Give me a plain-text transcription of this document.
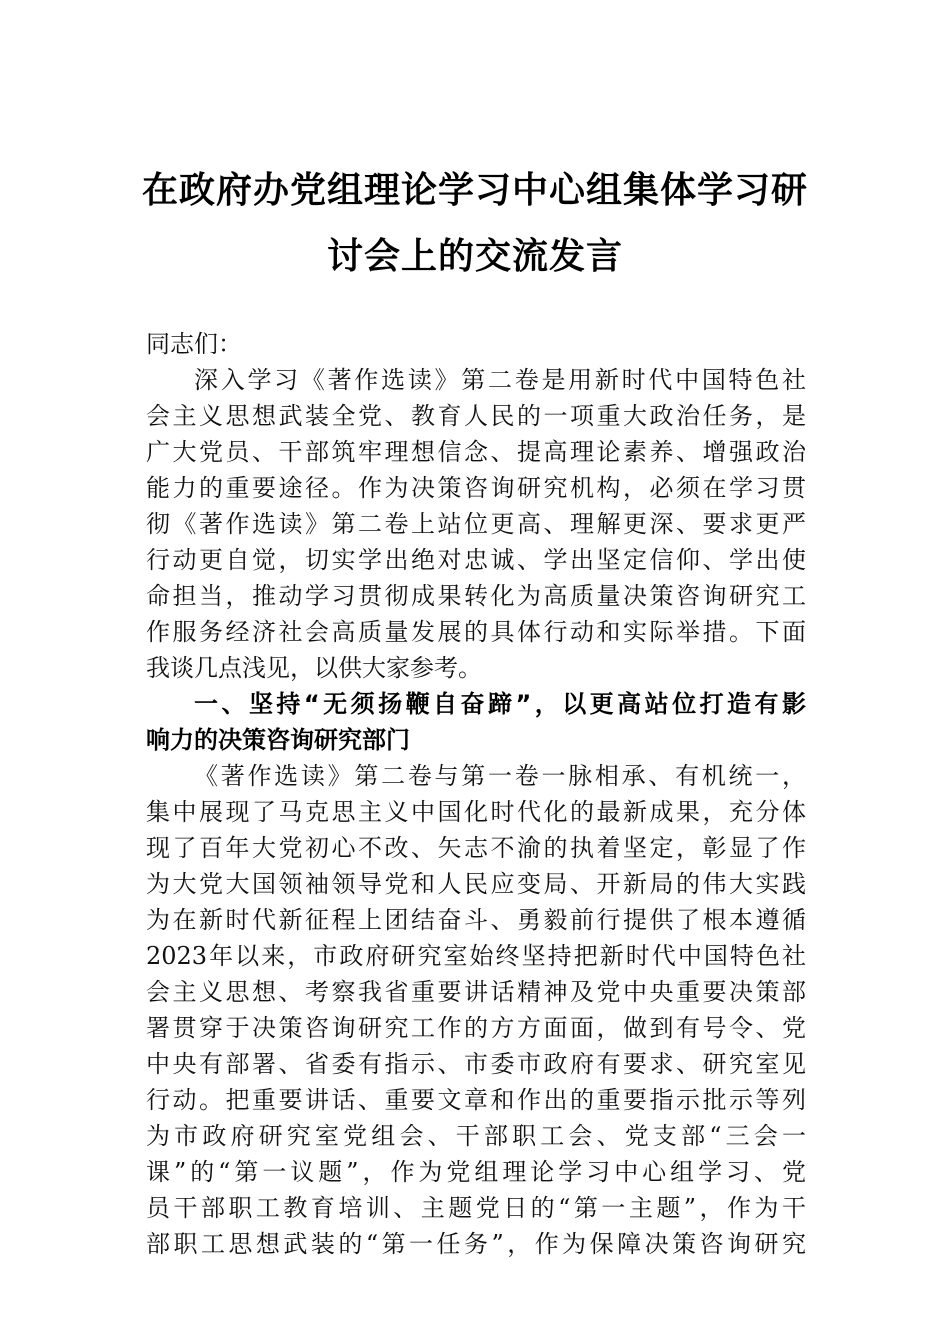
在政府办党组理论学习中心组集体学习研
讨会上的交流发言
同志们：
深入学习《著作选读》第二卷是用新时代中国特色社
会主义思想武装全党、教育人民的一项重大政治任务，是
广大党员、干部筑牢理想信念、提高理论素养、增强政治
能力的重要途径。作为决策咨询研究机构，必须在学习贯
彻《著作选读》第二卷上站位更高、理解更深、要求更严
行动更自觉，切实学出绝对忠诚、学出坚定信仰、学出使
命担当，推动学习贯彻成果转化为高质量决策咨询研究工
作服务经济社会高质量发展的具体行动和实际举措。下面
我谈几点浅见，以供大家参考。
一、坚持“无须扬鞭自奋蹄”，以更高站位打造有影
响力的决策咨询研究部门
《著作选读》第二卷与第一卷一脉相承、有机统一，
集中展现了马克思主义中国化时代化的最新成果，充分体
现了百年大党初心不改、矢志不渝的执着坚定，彰显了作
为大党大国领袖领导党和人民应变局、开新局的伟大实践
为在新时代新征程上团结奋斗、勇毅前行提供了根本遵循
2023年以来，市政府研究室始终坚持把新时代中国特色社
会主义思想、考察我省重要讲话精神及党中央重要决策部
署贯穿于决策咨询研究工作的方方面面，做到有号令、党
中央有部署、省委有指示、市委市政府有要求、研究室见
行动。把重要讲话、重要文章和作出的重要指示批示等列
为市政府研究室党组会、干部职工会、党支部“三会一
课”的“第一议题”，作为党组理论学习中心组学习、党
员干部职工教育培训、主题党日的“第一主题”，作为干
部职工思想武装的“第一任务”，作为保障决策咨询研究
